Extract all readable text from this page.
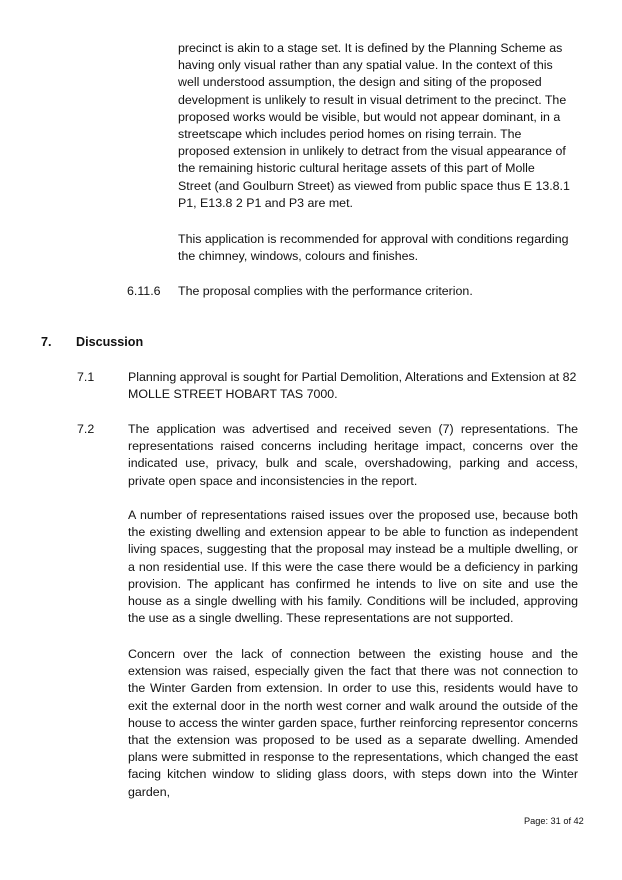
precinct is akin to a stage set. It is defined by the Planning Scheme as having only visual rather than any spatial value. In the context of this well understood assumption, the design and siting of the proposed development is unlikely to result in visual detriment to the precinct. The proposed works would be visible, but would not appear dominant, in a streetscape which includes period homes on rising terrain. The proposed extension in unlikely to detract from the visual appearance of the remaining historic cultural heritage assets of this part of Molle Street (and Goulburn Street) as viewed from public space thus E 13.8.1 P1, E13.8 2 P1 and P3 are met.

This application is recommended for approval with conditions regarding the chimney, windows, colours and finishes.

6.11.6 The proposal complies with the performance criterion.

7. Discussion

7.1	Planning approval is sought for Partial Demolition, Alterations and Extension at 82 MOLLE STREET HOBART TAS 7000.

7.2	The application was advertised and received seven (7) representations. The representations raised concerns including heritage impact, concerns over the indicated use, privacy, bulk and scale, overshadowing, parking and access, private open space and inconsistencies in the report.

A number of representations raised issues over the proposed use, because both the existing dwelling and extension appear to be able to function as independent living spaces, suggesting that the proposal may instead be a multiple dwelling, or a non residential use. If this were the case there would be a deficiency in parking provision. The applicant has confirmed he intends to live on site and use the house as a single dwelling with his family. Conditions will be included, approving the use as a single dwelling. These representations are not supported.

Concern over the lack of connection between the existing house and the extension was raised, especially given the fact that there was not connection to the Winter Garden from extension. In order to use this, residents would have to exit the external door in the north west corner and walk around the outside of the house to access the winter garden space, further reinforcing representor concerns that the extension was proposed to be used as a separate dwelling. Amended plans were submitted in response to the representations, which changed the east facing kitchen window to sliding glass doors, with steps down into the Winter garden,

Page: 31 of 42
